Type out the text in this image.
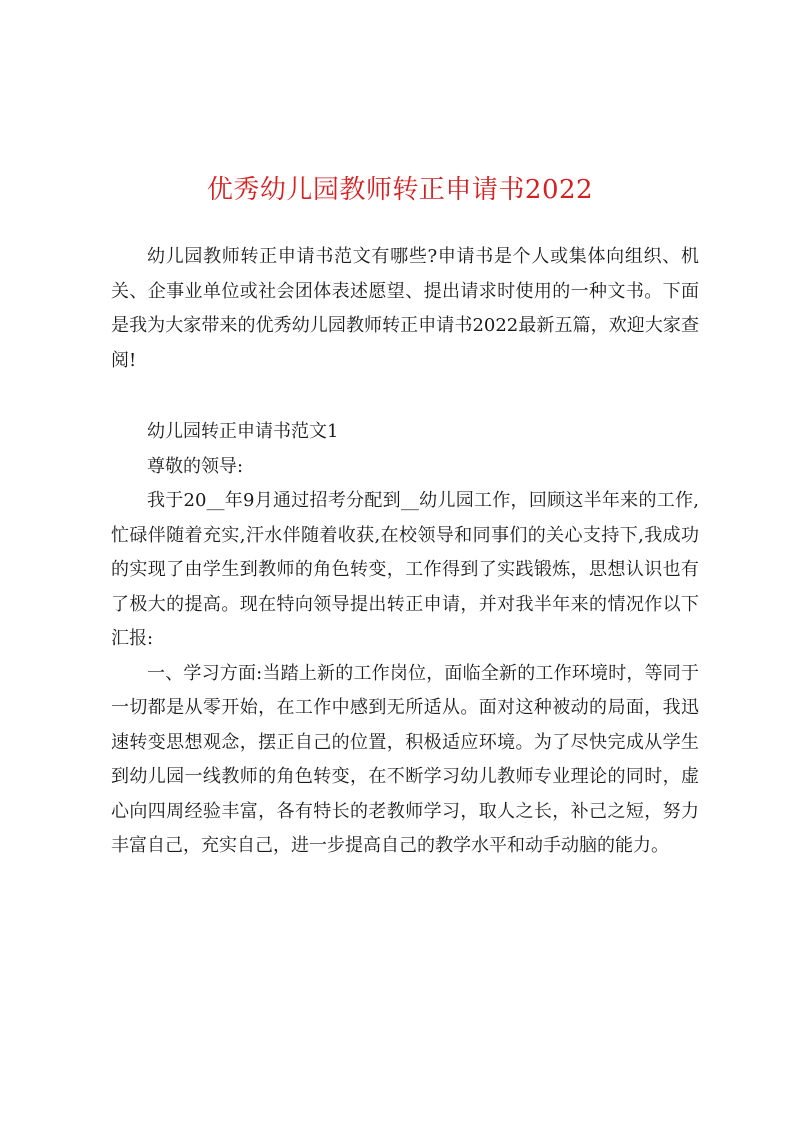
优秀幼儿园教师转正申请书2022

幼儿园教师转正申请书范文有哪些?申请书是个人或集体向组织、机关、企事业单位或社会团体表述愿望、提出请求时使用的一种文书。下面是我为大家带来的优秀幼儿园教师转正申请书2022最新五篇，欢迎大家查阅!

幼儿园转正申请书范文1

尊敬的领导:

我于20__年9月通过招考分配到__幼儿园工作，回顾这半年来的工作,忙碌伴随着充实,汗水伴随着收获,在校领导和同事们的关心支持下,我成功的实现了由学生到教师的角色转变，工作得到了实践锻炼，思想认识也有了极大的提高。现在特向领导提出转正申请，并对我半年来的情况作以下汇报:

一、学习方面:当踏上新的工作岗位，面临全新的工作环境时，等同于一切都是从零开始，在工作中感到无所适从。面对这种被动的局面，我迅速转变思想观念，摆正自己的位置，积极适应环境。为了尽快完成从学生到幼儿园一线教师的角色转变，在不断学习幼儿教师专业理论的同时，虚心向四周经验丰富，各有特长的老教师学习，取人之长，补己之短，努力丰富自己，充实自己，进一步提高自己的教学水平和动手动脑的能力。
